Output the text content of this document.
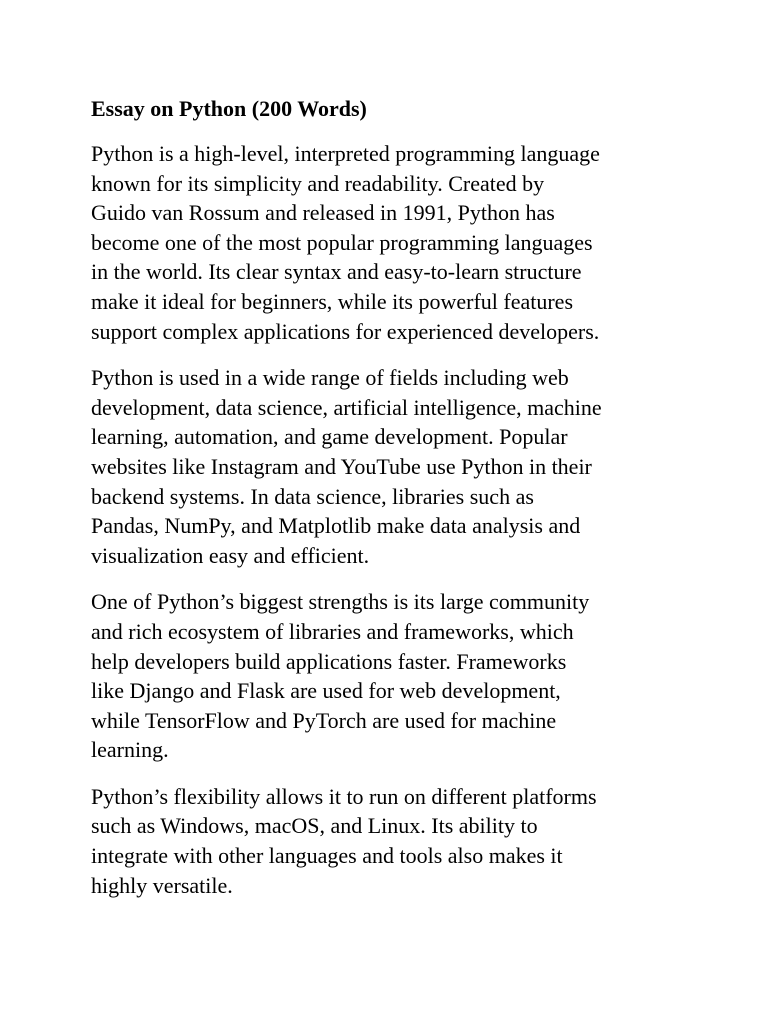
Essay on Python (200 Words)
Python is a high-level, interpreted programming language
known for its simplicity and readability. Created by
Guido van Rossum and released in 1991, Python has
become one of the most popular programming languages
in the world. Its clear syntax and easy-to-learn structure
make it ideal for beginners, while its powerful features
support complex applications for experienced developers.
Python is used in a wide range of fields including web
development, data science, artificial intelligence, machine
learning, automation, and game development. Popular
websites like Instagram and YouTube use Python in their
backend systems. In data science, libraries such as
Pandas, NumPy, and Matplotlib make data analysis and
visualization easy and efficient.
One of Python’s biggest strengths is its large community
and rich ecosystem of libraries and frameworks, which
help developers build applications faster. Frameworks
like Django and Flask are used for web development,
while TensorFlow and PyTorch are used for machine
learning.
Python’s flexibility allows it to run on different platforms
such as Windows, macOS, and Linux. Its ability to
integrate with other languages and tools also makes it
highly versatile.
